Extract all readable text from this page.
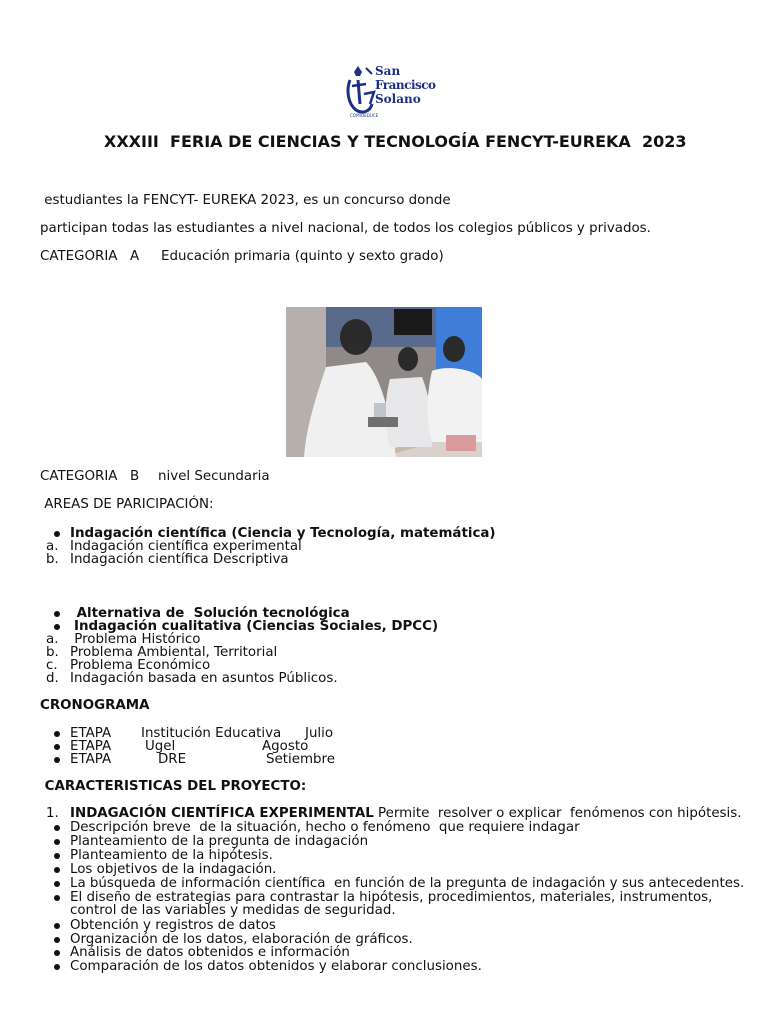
San
Francisco
Solano
COPROEDUCE
XXXIII  FERIA DE CIENCIAS Y TECNOLOGÍA FENCYT-EUREKA  2023
estudiantes la FENCYT- EUREKA 2023, es un concurso donde
participan todas las estudiantes a nivel nacional, de todos los colegios públicos y privados.
CATEGORIA A Educación primaria (quinto y sexto grado)
CATEGORIA B nivel Secundaria
AREAS DE PARICIPACIÓN:
Indagación científica (Ciencia y Tecnología, matemática)
a. Indagación científica experimental
b. Indagación científica Descriptiva
Alternativa de  Solución tecnológica
Indagación cualitativa (Ciencias Sociales, DPCC)
a. Problema Histórico
b. Problema Ambiental, Territorial
c. Problema Económico
d. Indagación basada en asuntos Públicos.
CRONOGRAMA
ETAPA Institución Educativa Julio
ETAPA	Ugel	Agosto
ETAPA	DRE	Setiembre
CARACTERISTICAS DEL PROYECTO:
1. INDAGACIÓN CIENTÍFICA EXPERIMENTAL Permite  resolver o explicar  fenómenos con hipótesis.
Descripción breve  de la situación, hecho o fenómeno  que requiere indagar
Planteamiento de la pregunta de indagación
Planteamiento de la hipótesis.
Los objetivos de la indagación.
La búsqueda de información científica  en función de la pregunta de indagación y sus antecedentes.
El diseño de estrategias para contrastar la hipótesis, procedimientos, materiales, instrumentos,
control de las variables y medidas de seguridad.
Obtención y registros de datos
Organización de los datos, elaboración de gráficos.
Análisis de datos obtenidos e información
Comparación de los datos obtenidos y elaborar conclusiones.
